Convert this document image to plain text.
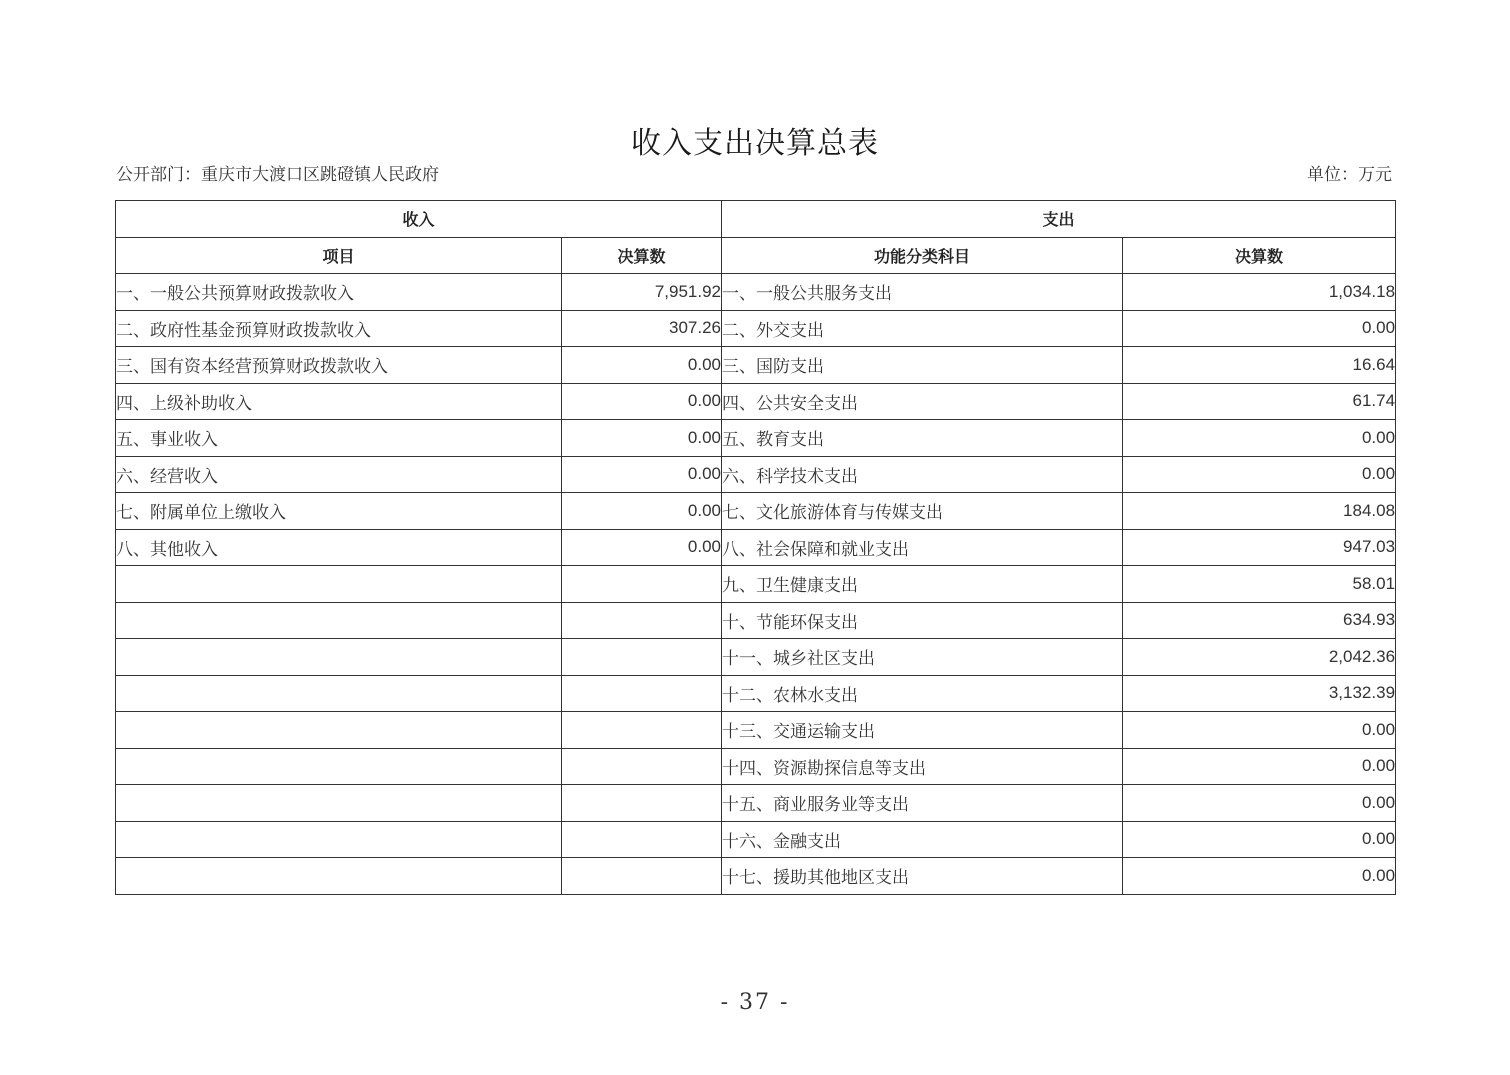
收入支出决算总表
公开部门：重庆市大渡口区跳磴镇人民政府	单位：万元
收入		支出	
项目	决算数	功能分类科目	决算数
一、一般公共预算财政拨款收入	7,951.92	一、一般公共服务支出	1,034.18
二、政府性基金预算财政拨款收入	307.26	二、外交支出	0.00
三、国有资本经营预算财政拨款收入	0.00	三、国防支出	16.64
四、上级补助收入	0.00	四、公共安全支出	61.74
五、事业收入	0.00	五、教育支出	0.00
六、经营收入	0.00	六、科学技术支出	0.00
七、附属单位上缴收入	0.00	七、文化旅游体育与传媒支出	184.08
八、其他收入	0.00	八、社会保障和就业支出	947.03
		九、卫生健康支出	58.01
		十、节能环保支出	634.93
		十一、城乡社区支出	2,042.36
		十二、农林水支出	3,132.39
		十三、交通运输支出	0.00
		十四、资源勘探信息等支出	0.00
		十五、商业服务业等支出	0.00
		十六、金融支出	0.00
		十七、援助其他地区支出	0.00
- 37 -
